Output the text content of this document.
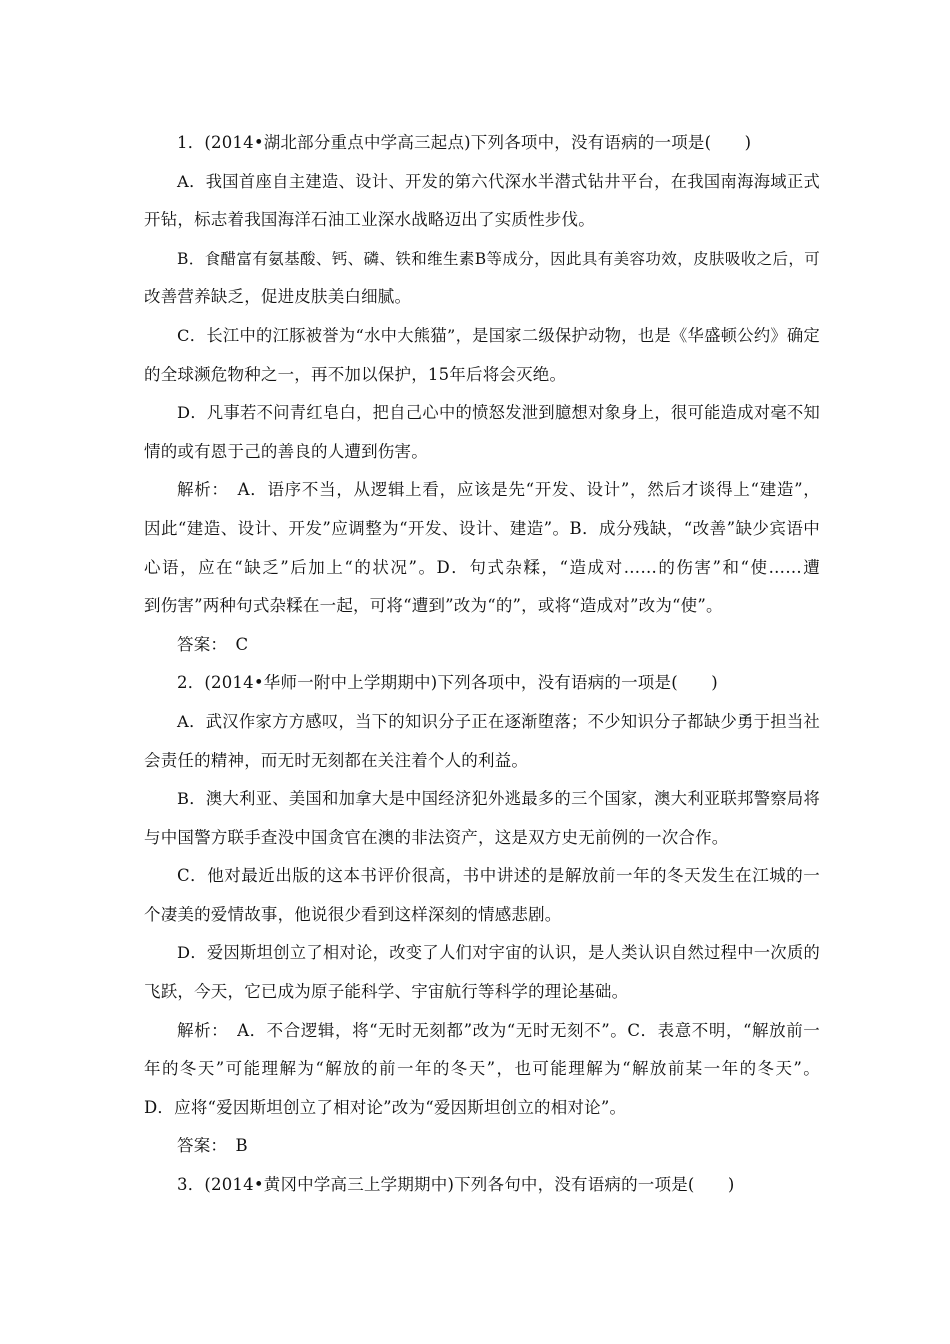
1．(2014•湖北部分重点中学高三起点)下列各项中，没有语病的一项是(　　)
A．我国首座自主建造、设计、开发的第六代深水半潜式钻井平台，在我国南海海域正式
开钻，标志着我国海洋石油工业深水战略迈出了实质性步伐。
B．食醋富有氨基酸、钙、磷、铁和维生素B等成分，因此具有美容功效，皮肤吸收之后，可
改善营养缺乏，促进皮肤美白细腻。
C．长江中的江豚被誉为“水中大熊猫”，是国家二级保护动物，也是《华盛顿公约》确定
的全球濒危物种之一，再不加以保护，15年后将会灭绝。
D．凡事若不问青红皂白，把自己心中的愤怒发泄到臆想对象身上，很可能造成对毫不知
情的或有恩于己的善良的人遭到伤害。
解析：　A．语序不当，从逻辑上看，应该是先“开发、设计”，然后才谈得上“建造”，
因此“建造、设计、开发”应调整为“开发、设计、建造”。B．成分残缺，“改善”缺少宾语中
心语，应在“缺乏”后加上“的状况”。D．句式杂糅，“造成对……的伤害”和“使……遭
到伤害”两种句式杂糅在一起，可将“遭到”改为“的”，或将“造成对”改为“使”。
答案：　C
2．(2014•华师一附中上学期期中)下列各项中，没有语病的一项是(　　)
A．武汉作家方方感叹，当下的知识分子正在逐渐堕落；不少知识分子都缺少勇于担当社
会责任的精神，而无时无刻都在关注着个人的利益。
B．澳大利亚、美国和加拿大是中国经济犯外逃最多的三个国家，澳大利亚联邦警察局将
与中国警方联手查没中国贪官在澳的非法资产，这是双方史无前例的一次合作。
C．他对最近出版的这本书评价很高，书中讲述的是解放前一年的冬天发生在江城的一
个凄美的爱情故事，他说很少看到这样深刻的情感悲剧。
D．爱因斯坦创立了相对论，改变了人们对宇宙的认识，是人类认识自然过程中一次质的
飞跃，今天，它已成为原子能科学、宇宙航行等科学的理论基础。
解析：　A．不合逻辑，将“无时无刻都”改为“无时无刻不”。C．表意不明，“解放前一
年的冬天”可能理解为“解放的前一年的冬天”，也可能理解为“解放前某一年的冬天”。
D．应将“爱因斯坦创立了相对论”改为“爱因斯坦创立的相对论”。
答案：　B
3．(2014•黄冈中学高三上学期期中)下列各句中，没有语病的一项是(　　)
